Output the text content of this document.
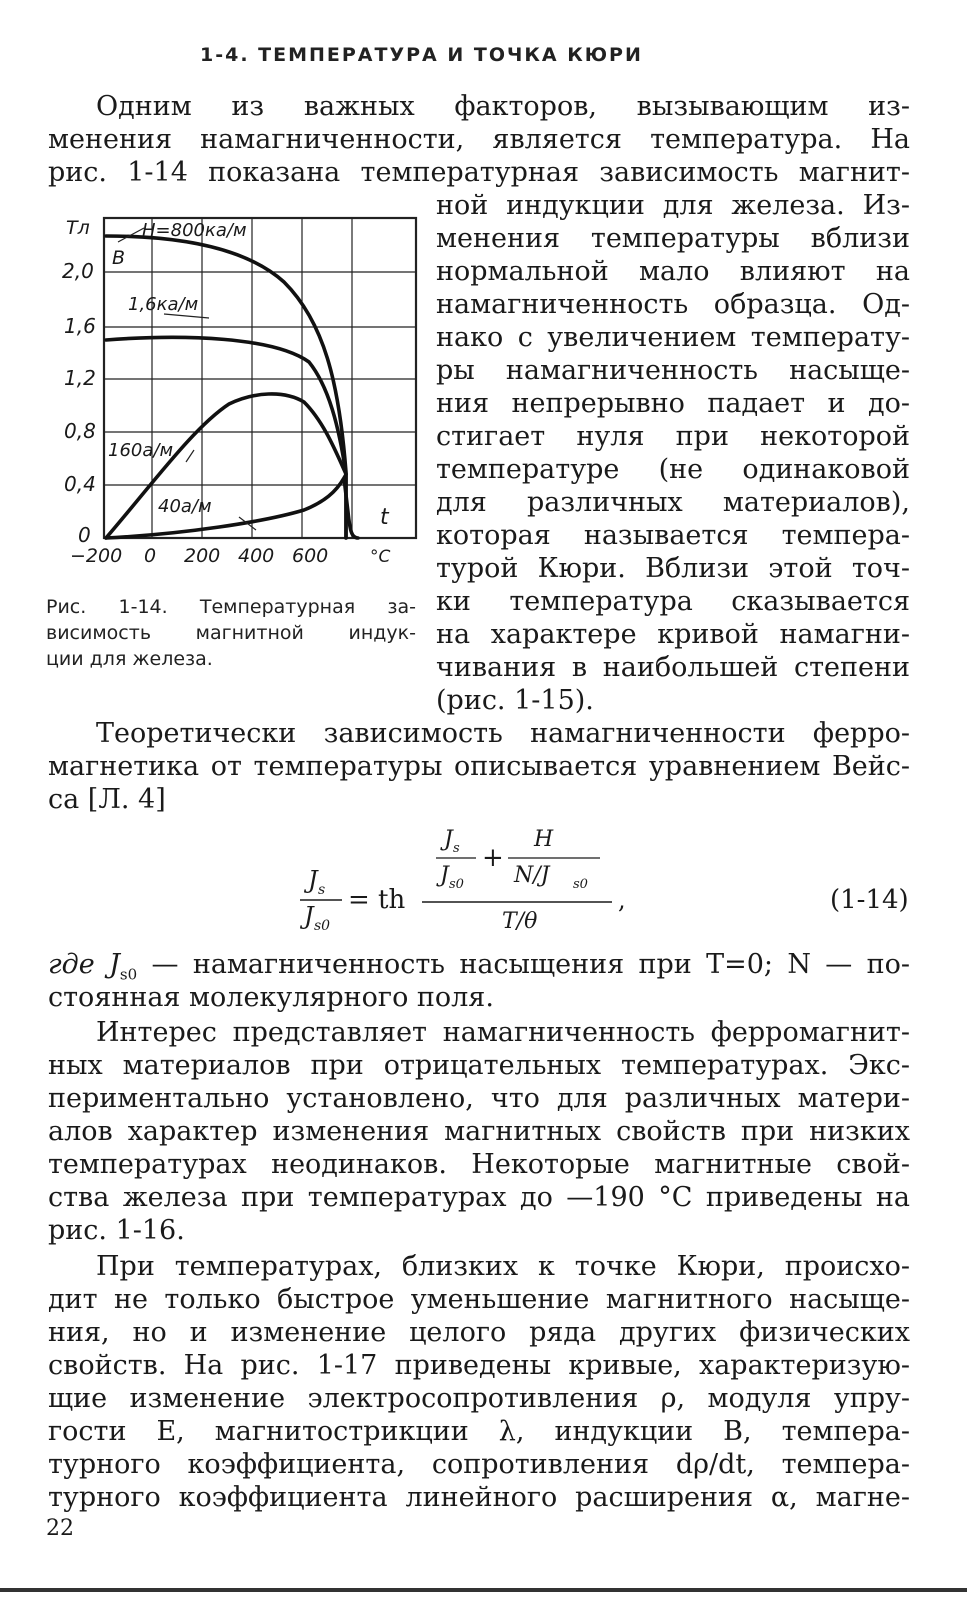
1-4. ТЕМПЕРАТУРА И ТОЧКА КЮРИ
Одним из важных факторов, вызывающим из-
менения намагниченности, является температура. На
рис. 1-14 показана температурная зависимость магнит-
ной индукции для железа. Из-
менения температуры вблизи
нормальной мало влияют на
намагниченность образца. Од-
нако с увеличением температу-
ры намагниченность насыще-
ния непрерывно падает и до-
стигает нуля при некоторой
температуре (не одинаковой
для различных материалов),
которая называется темпера-
турой Кюри. Вблизи этой точ-
ки температура сказывается
на характере кривой намагни-
чивания в наибольшей степени
(рис. 1-15).
Тл
B
t
°C
2,0
1,6
1,2
0,8
0,4
0
−200 0 200 400 600
H=800ка/м
1,6ка/м
160а/м
40а/м
Рис. 1-14. Температурная за-
висимость магнитной индук-
ции для железа.
Теоретически зависимость намагниченности ферро-
магнетика от температуры описывается уравнением Вейс-
са [Л. 4]
J s
J s0
= th
J s
J s0
+
H
N/J s0
T/θ
,	(1-14)
где $J_{s0}$ — намагниченность насыщения при T=0; N — по-
стоянная молекулярного поля.
Интерес представляет намагниченность ферромагнит-
ных материалов при отрицательных температурах. Экс-
периментально установлено, что для различных матери-
алов характер изменения магнитных свойств при низких
температурах неодинаков. Некоторые магнитные свой-
ства железа при температурах до —190 °С приведены на
рис. 1-16.
При температурах, близких к точке Кюри, происхо-
дит не только быстрое уменьшение магнитного насыще-
ния, но и изменение целого ряда других физических
свойств. На рис. 1-17 приведены кривые, характеризую-
щие изменение электросопротивления ρ, модуля упру-
гости E, магнитострикции λ, индукции B, темпера-
турного коэффициента, сопротивления dρ/dt, темпера-
турного коэффициента линейного расширения α, магне-
22
